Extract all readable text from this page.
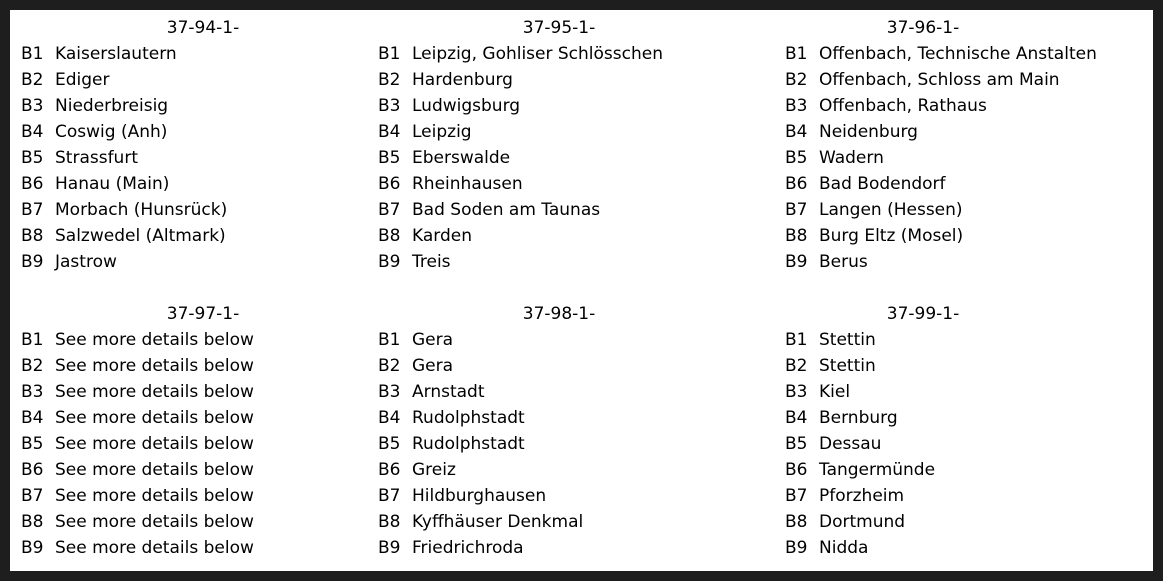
37-94-1-
B1 Kaiserslautern
B2 Ediger
B3 Niederbreisig
B4 Coswig (Anh)
B5 Strassfurt
B6 Hanau (Main)
B7 Morbach (Hunsrück)
B8 Salzwedel (Altmark)
B9 Jastrow
37-95-1-
B1 Leipzig, Gohliser Schlösschen
B2 Hardenburg
B3 Ludwigsburg
B4 Leipzig
B5 Eberswalde
B6 Rheinhausen
B7 Bad Soden am Taunas
B8 Karden
B9 Treis
37-96-1-
B1 Offenbach, Technische Anstalten
B2 Offenbach, Schloss am Main
B3 Offenbach, Rathaus
B4 Neidenburg
B5 Wadern
B6 Bad Bodendorf
B7 Langen (Hessen)
B8 Burg Eltz (Mosel)
B9 Berus
37-97-1-
B1 See more details below
B2 See more details below
B3 See more details below
B4 See more details below
B5 See more details below
B6 See more details below
B7 See more details below
B8 See more details below
B9 See more details below
37-98-1-
B1 Gera
B2 Gera
B3 Arnstadt
B4 Rudolphstadt
B5 Rudolphstadt
B6 Greiz
B7 Hildburghausen
B8 Kyffhäuser Denkmal
B9 Friedrichroda
37-99-1-
B1 Stettin
B2 Stettin
B3 Kiel
B4 Bernburg
B5 Dessau
B6 Tangermünde
B7 Pforzheim
B8 Dortmund
B9 Nidda
